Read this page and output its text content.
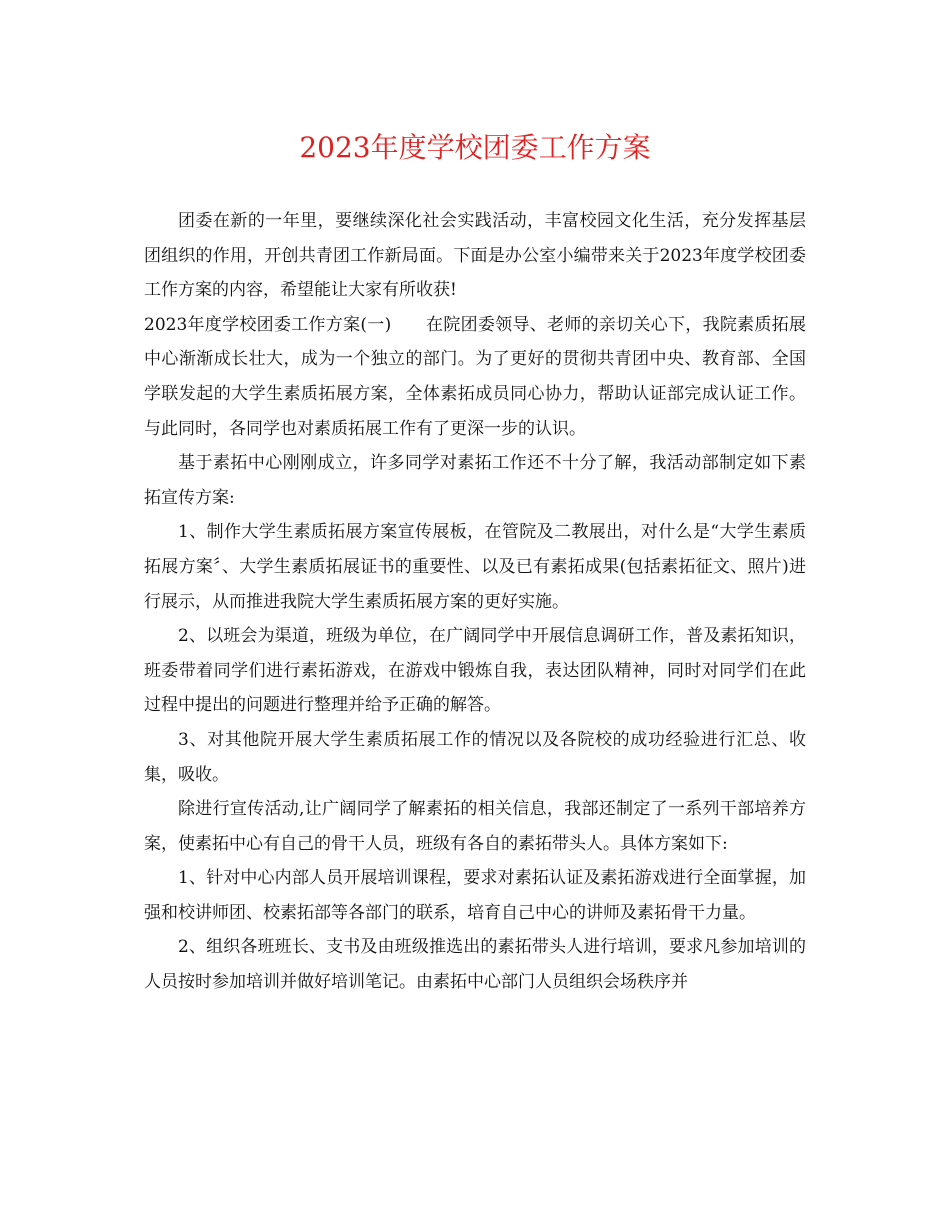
2023年度学校团委工作方案

团委在新的一年里，要继续深化社会实践活动，丰富校园文化生活，充分发挥基层团组织的作用，开创共青团工作新局面。下面是办公室小编带来关于2023年度学校团委工作方案的内容，希望能让大家有所收获!

2023年度学校团委工作方案(一)　　在院团委领导、老师的亲切关心下，我院素质拓展中心渐渐成长壮大，成为一个独立的部门。为了更好的贯彻共青团中央、教育部、全国学联发起的大学生素质拓展方案，全体素拓成员同心协力，帮助认证部完成认证工作。与此同时，各同学也对素质拓展工作有了更深一步的认识。

基于素拓中心刚刚成立，许多同学对素拓工作还不十分了解，我活动部制定如下素拓宣传方案:

1、制作大学生素质拓展方案宣传展板，在管院及二教展出，对什么是“大学生素质拓展方案〞、大学生素质拓展证书的重要性、以及已有素拓成果(包括素拓征文、照片)进行展示，从而推进我院大学生素质拓展方案的更好实施。

2、以班会为渠道，班级为单位，在广阔同学中开展信息调研工作，普及素拓知识，班委带着同学们进行素拓游戏，在游戏中锻炼自我，表达团队精神，同时对同学们在此过程中提出的问题进行整理并给予正确的解答。

3、对其他院开展大学生素质拓展工作的情况以及各院校的成功经验进行汇总、收集，吸收。

除进行宣传活动,让广阔同学了解素拓的相关信息，我部还制定了一系列干部培养方案，使素拓中心有自己的骨干人员，班级有各自的素拓带头人。具体方案如下:

1、针对中心内部人员开展培训课程，要求对素拓认证及素拓游戏进行全面掌握，加强和校讲师团、校素拓部等各部门的联系，培育自己中心的讲师及素拓骨干力量。

2、组织各班班长、支书及由班级推选出的素拓带头人进行培训，要求凡参加培训的人员按时参加培训并做好培训笔记。由素拓中心部门人员组织会场秩序并
